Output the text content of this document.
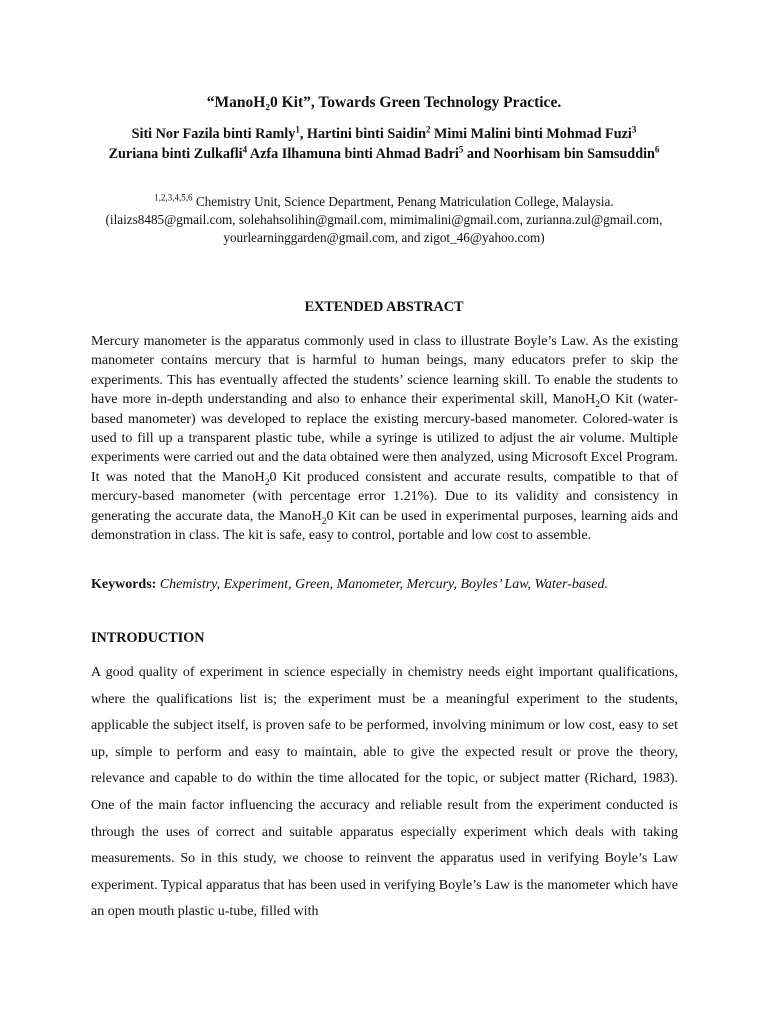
“ManoH₂0 Kit”, Towards Green Technology Practice.
Siti Nor Fazila binti Ramly$^1$, Hartini binti Saidin$^2$ Mimi Malini binti Mohmad Fuzi$^3$
Zuriana binti Zulkafli$^4$ Azfa Ilhamuna binti Ahmad Badri$^5$ and Noorhisam bin Samsuddin$^6$
$^{1,2,3,4,5,6}$ Chemistry Unit, Science Department, Penang Matriculation College, Malaysia.
(ilaizs8485@gmail.com, solehahsolihin@gmail.com, mimimalini@gmail.com, zurianna.zul@gmail.com,
yourlearninggarden@gmail.com, and zigot_46@yahoo.com)
EXTENDED ABSTRACT

Mercury manometer is the apparatus commonly used in class to illustrate Boyle’s Law. As the existing manometer contains mercury that is harmful to human beings, many educators prefer to skip the experiments. This has eventually affected the students’ science learning skill. To enable the students to have more in-depth understanding and also to enhance their experimental skill, ManoH$_2$O Kit (water-based manometer) was developed to replace the existing mercury-based manometer. Colored-water is used to fill up a transparent plastic tube, while a syringe is utilized to adjust the air volume. Multiple experiments were carried out and the data obtained were then analyzed, using Microsoft Excel Program. It was noted that the ManoH$_2$0 Kit produced consistent and accurate results, compatible to that of mercury-based manometer (with percentage error 1.21%). Due to its validity and consistency in generating the accurate data, the ManoH$_2$0 Kit can be used in experimental purposes, learning aids and demonstration in class. The kit is safe, easy to control, portable and low cost to assemble.

Keywords: Chemistry, Experiment, Green, Manometer, Mercury, Boyles’ Law, Water-based.

INTRODUCTION

A good quality of experiment in science especially in chemistry needs eight important qualifications, where the qualifications list is; the experiment must be a meaningful experiment to the students, applicable the subject itself, is proven safe to be performed, involving minimum or low cost, easy to set up, simple to perform and easy to maintain, able to give the expected result or prove the theory, relevance and capable to do within the time allocated for the topic, or subject matter (Richard, 1983). One of the main factor influencing the accuracy and reliable result from the experiment conducted is through the uses of correct and suitable apparatus especially experiment which deals with taking measurements. So in this study, we choose to reinvent the apparatus used in verifying Boyle’s Law experiment. Typical apparatus that has been used in verifying Boyle’s Law is the manometer which have an open mouth plastic u-tube, filled with
